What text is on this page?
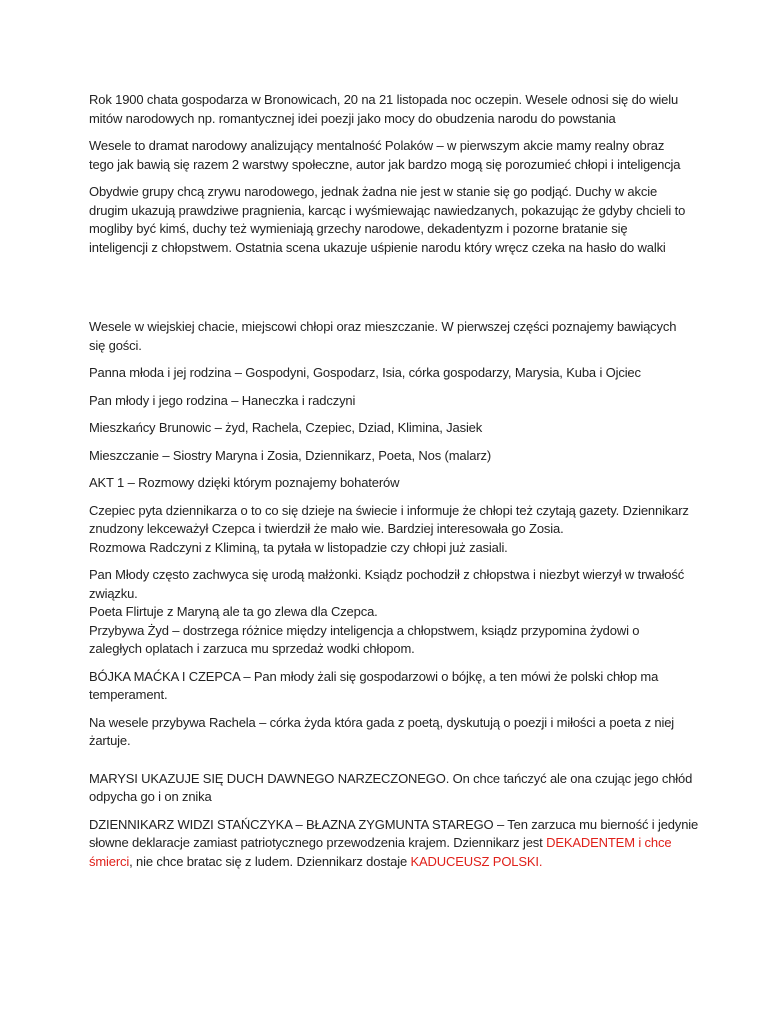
Rok 1900 chata gospodarza w Bronowicach, 20 na 21 listopada noc oczepin. Wesele odnosi się do wielu
mitów narodowych np. romantycznej idei poezji jako mocy do obudzenia narodu do powstania

Wesele to dramat narodowy analizujący mentalność Polaków – w pierwszym akcie mamy realny obraz
tego jak bawią się razem 2 warstwy społeczne, autor jak bardzo mogą się porozumieć chłopi i inteligencja

Obydwie grupy chcą zrywu narodowego, jednak żadna nie jest w stanie się go podjąć. Duchy w akcie
drugim ukazują prawdziwe pragnienia, karcąc i wyśmiewając nawiedzanych, pokazując że gdyby chcieli to
mogliby być kimś, duchy też wymieniają grzechy narodowe, dekadentyzm i pozorne bratanie się
inteligencji z chłopstwem. Ostatnia scena ukazuje uśpienie narodu który wręcz czeka na hasło do walki

Wesele w wiejskiej chacie, miejscowi chłopi oraz mieszczanie. W pierwszej części poznajemy bawiących
się gości.

Panna młoda i jej rodzina – Gospodyni, Gospodarz, Isia, córka gospodarzy, Marysia, Kuba i Ojciec

Pan młody i jego rodzina – Haneczka i radczyni

Mieszkańcy Brunowic – żyd, Rachela, Czepiec, Dziad, Klimina, Jasiek

Mieszczanie – Siostry Maryna i Zosia, Dziennikarz, Poeta, Nos (malarz)

AKT 1 – Rozmowy dzięki którym poznajemy bohaterów

Czepiec pyta dziennikarza o to co się dzieje na świecie i informuje że chłopi też czytają gazety. Dziennikarz
znudzony lekceważył Czepca i twierdził że mało wie. Bardziej interesowała go Zosia.
Rozmowa Radczyni z Kliminą, ta pytała w listopadzie czy chłopi już zasiali.

Pan Młody często zachwyca się urodą małżonki. Ksiądz pochodził z chłopstwa i niezbyt wierzył w trwałość
związku.
Poeta Flirtuje z Maryną ale ta go zlewa dla Czepca.
Przybywa Żyd – dostrzega różnice między inteligencja a chłopstwem, ksiądz przypomina żydowi o
zaległych oplatach i zarzuca mu sprzedaż wodki chłopom.

BÓJKA MAĆKA I CZEPCA – Pan młody żali się gospodarzowi o bójkę, a ten mówi że polski chłop ma
temperament.

Na wesele przybywa Rachela – córka żyda która gada z poetą, dyskutują o poezji i miłości a poeta z niej
żartuje.

MARYSI UKAZUJE SIĘ DUCH DAWNEGO NARZECZONEGO. On chce tańczyć ale ona czując jego chłód
odpycha go i on znika

DZIENNIKARZ WIDZI STAŃCZYKA – BŁAZNA ZYGMUNTA STAREGO – Ten zarzuca mu bierność i jedynie
słowne deklaracje zamiast patriotycznego przewodzenia krajem. Dziennikarz jest DEKADENTEM i chce
śmierci, nie chce bratac się z ludem. Dziennikarz dostaje KADUCEUSZ POLSKI.
